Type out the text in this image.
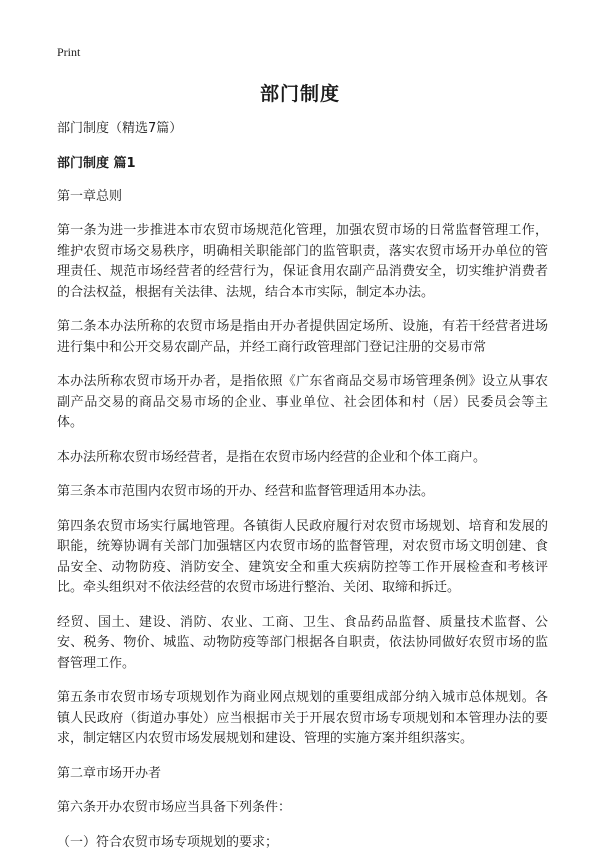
Print
部门制度
部门制度（精选7篇）
部门制度 篇1
第一章总则
第一条为进一步推进本市农贸市场规范化管理，加强农贸市场的日常监督管理工作，维护农贸市场交易秩序，明确相关职能部门的监管职责，落实农贸市场开办单位的管理责任、规范市场经营者的经营行为，保证食用农副产品消费安全，切实维护消费者的合法权益，根据有关法律、法规，结合本市实际，制定本办法。
第二条本办法所称的农贸市场是指由开办者提供固定场所、设施，有若干经营者进场进行集中和公开交易农副产品，并经工商行政管理部门登记注册的交易市常
本办法所称农贸市场开办者，是指依照《广东省商品交易市场管理条例》设立从事农副产品交易的商品交易市场的企业、事业单位、社会团体和村（居）民委员会等主体。
本办法所称农贸市场经营者，是指在农贸市场内经营的企业和个体工商户。
第三条本市范围内农贸市场的开办、经营和监督管理适用本办法。
第四条农贸市场实行属地管理。各镇街人民政府履行对农贸市场规划、培育和发展的职能，统筹协调有关部门加强辖区内农贸市场的监督管理，对农贸市场文明创建、食品安全、动物防疫、消防安全、建筑安全和重大疾病防控等工作开展检查和考核评比。牵头组织对不依法经营的农贸市场进行整治、关闭、取缔和拆迁。
经贸、国土、建设、消防、农业、工商、卫生、食品药品监督、质量技术监督、公安、税务、物价、城监、动物防疫等部门根据各自职责，依法协同做好农贸市场的监督管理工作。
第五条市农贸市场专项规划作为商业网点规划的重要组成部分纳入城市总体规划。各镇人民政府（街道办事处）应当根据市关于开展农贸市场专项规划和本管理办法的要求，制定辖区内农贸市场发展规划和建设、管理的实施方案并组织落实。
第二章市场开办者
第六条开办农贸市场应当具备下列条件：
（一）符合农贸市场专项规划的要求；
